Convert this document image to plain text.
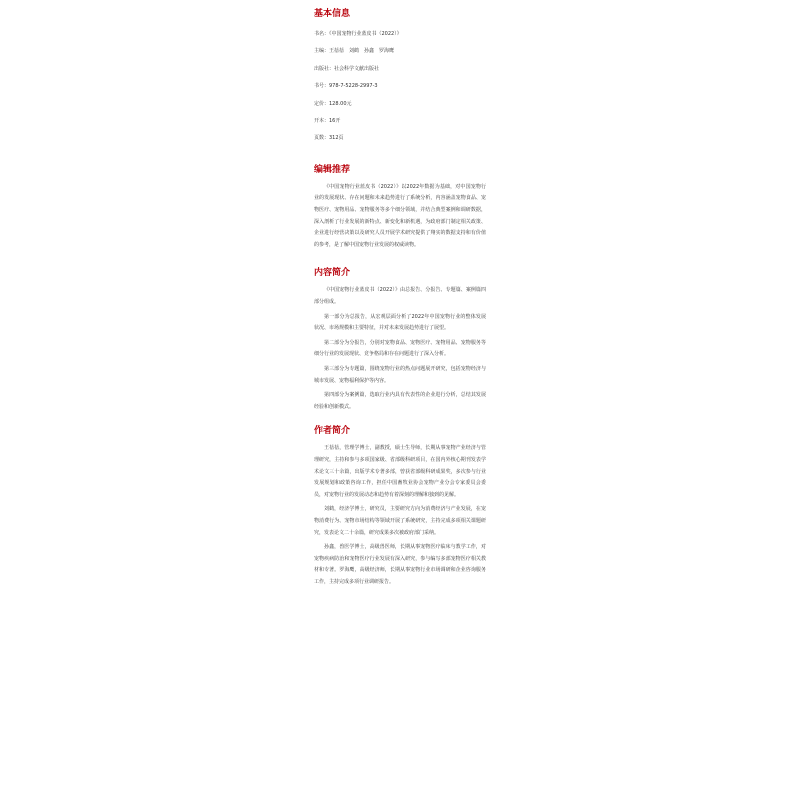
基本信息
书名：《中国宠物行业蓝皮书（2022）》
主编：王蓓蓓　刘鹤　孙鑫　罗海鹰
出版社：社会科学文献出版社
书号：978-7-5228-2997-3
定价：128.00元
开本：16开
页数：312页
编辑推荐

《中国宠物行业蓝皮书（2022）》以2022年数据为基础，对中国宠物行业的发展现状、存在问题和未来趋势进行了系统分析，内容涵盖宠物食品、宠物医疗、宠物用品、宠物服务等多个细分领域，并结合典型案例和调研数据，深入剖析了行业发展的新特点、新变化和新机遇，为政府部门制定相关政策、企业进行经营决策以及研究人员开展学术研究提供了翔实的数据支持和有价值的参考，是了解中国宠物行业发展的权威读物。

内容简介

《中国宠物行业蓝皮书（2022）》由总报告、分报告、专题篇、案例篇四部分组成。

第一部分为总报告，从宏观层面分析了2022年中国宠物行业的整体发展状况、市场规模和主要特征，并对未来发展趋势进行了展望。

第二部分为分报告，分别对宠物食品、宠物医疗、宠物用品、宠物服务等细分行业的发展现状、竞争格局和存在问题进行了深入分析。

第三部分为专题篇，围绕宠物行业的热点问题展开研究，包括宠物经济与城市发展、宠物福利保护等内容。

第四部分为案例篇，选取行业内具有代表性的企业进行分析，总结其发展经验和创新模式。

作者简介

王蓓蓓，管理学博士，副教授，硕士生导师，长期从事宠物产业经济与管理研究，主持和参与多项国家级、省部级科研项目，在国内外核心期刊发表学术论文三十余篇，出版学术专著多部，曾获省部级科研成果奖，多次参与行业发展规划和政策咨询工作，担任中国畜牧业协会宠物产业分会专家委员会委员，对宠物行业的发展动态和趋势有着深刻的理解和独到的见解。

刘鹤，经济学博士，研究员，主要研究方向为消费经济与产业发展，在宠物消费行为、宠物市场结构等领域开展了系统研究，主持完成多项相关课题研究，发表论文二十余篇，研究成果多次被政府部门采纳。

孙鑫，兽医学博士，高级兽医师，长期从事宠物医疗临床与教学工作，对宠物疾病防治和宠物医疗行业发展有深入研究，参与编写多部宠物医疗相关教材和专著。罗海鹰，高级经济师，长期从事宠物行业市场调研和企业咨询服务工作，主持完成多项行业调研报告。
